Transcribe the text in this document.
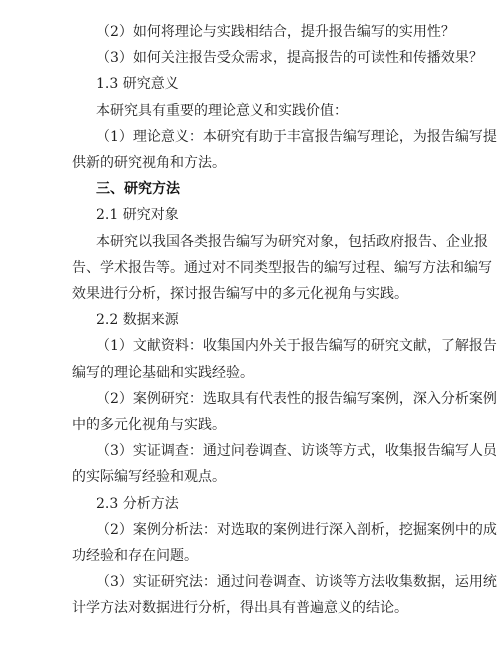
（2）如何将理论与实践相结合，提升报告编写的实用性？
（3）如何关注报告受众需求，提高报告的可读性和传播效果？
1.3 研究意义
本研究具有重要的理论意义和实践价值：
（1）理论意义：本研究有助于丰富报告编写理论，为报告编写提
供新的研究视角和方法。
三、研究方法
2.1 研究对象
本研究以我国各类报告编写为研究对象，包括政府报告、企业报
告、学术报告等。通过对不同类型报告的编写过程、编写方法和编写
效果进行分析，探讨报告编写中的多元化视角与实践。
2.2 数据来源
（1）文献资料：收集国内外关于报告编写的研究文献，了解报告
编写的理论基础和实践经验。
（2）案例研究：选取具有代表性的报告编写案例，深入分析案例
中的多元化视角与实践。
（3）实证调查：通过问卷调查、访谈等方式，收集报告编写人员
的实际编写经验和观点。
2.3 分析方法
（2）案例分析法：对选取的案例进行深入剖析，挖掘案例中的成
功经验和存在问题。
（3）实证研究法：通过问卷调查、访谈等方法收集数据，运用统
计学方法对数据进行分析，得出具有普遍意义的结论。
